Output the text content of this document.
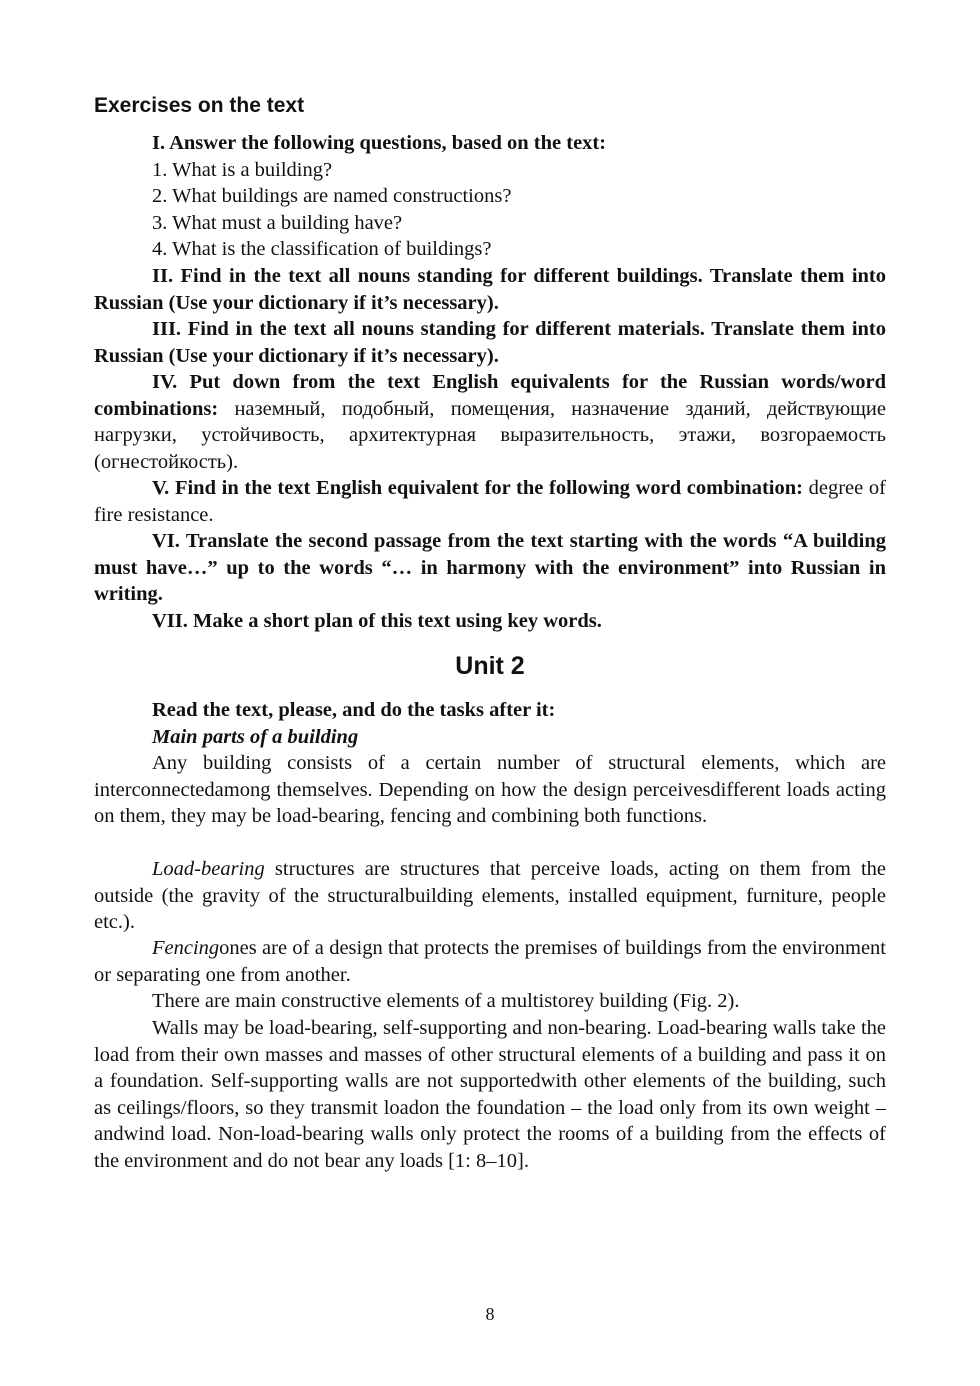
Exercises on the text
I. Answer the following questions, based on the text:
1. What is a building?
2. What buildings are named constructions?
3. What must a building have?
4. What is the classification of buildings?
II. Find in the text all nouns standing for different buildings. Translate them into Russian (Use your dictionary if it’s necessary).
III. Find in the text all nouns standing for different materials. Translate them into Russian (Use your dictionary if it’s necessary).
IV. Put down from the text English equivalents for the Russian words/word combinations: наземный, подобный, помещения, назначение зданий, действующие нагрузки, устойчивость, архитектурная выразительность, этажи, возгораемость (огнестойкость).
V. Find in the text English equivalent for the following word combination: degree of fire resistance.
VI. Translate the second passage from the text starting with the words “A building must have…” up to the words “… in harmony with the environment” into Russian in writing.
VII. Make a short plan of this text using key words.
Unit 2
Read the text, please, and do the tasks after it:
Main parts of a building
Any building consists of a certain number of structural elements, which are interconnectedamong themselves. Depending on how the design perceivesdifferent loads acting on them, they may be load-bearing, fencing and combining both functions.
Load-bearing structures are structures that perceive loads, acting on them from the outside (the gravity of the structuralbuilding elements, installed equipment, furniture, people etc.).
Fencingones are of a design that protects the premises of buildings from the environment or separating one from another.
There are main constructive elements of a multistorey building (Fig. 2).
Walls may be load-bearing, self-supporting and non-bearing. Load-bearing walls take the load from their own masses and masses of other structural elements of a building and pass it on a foundation. Self-supporting walls are not supportedwith other elements of the building, such as ceilings/floors, so they transmit loadon the foundation – the load only from its own weight – andwind load. Non-load-bearing walls only protect the rooms of a building from the effects of the environment and do not bear any loads [1: 8–10].
8
